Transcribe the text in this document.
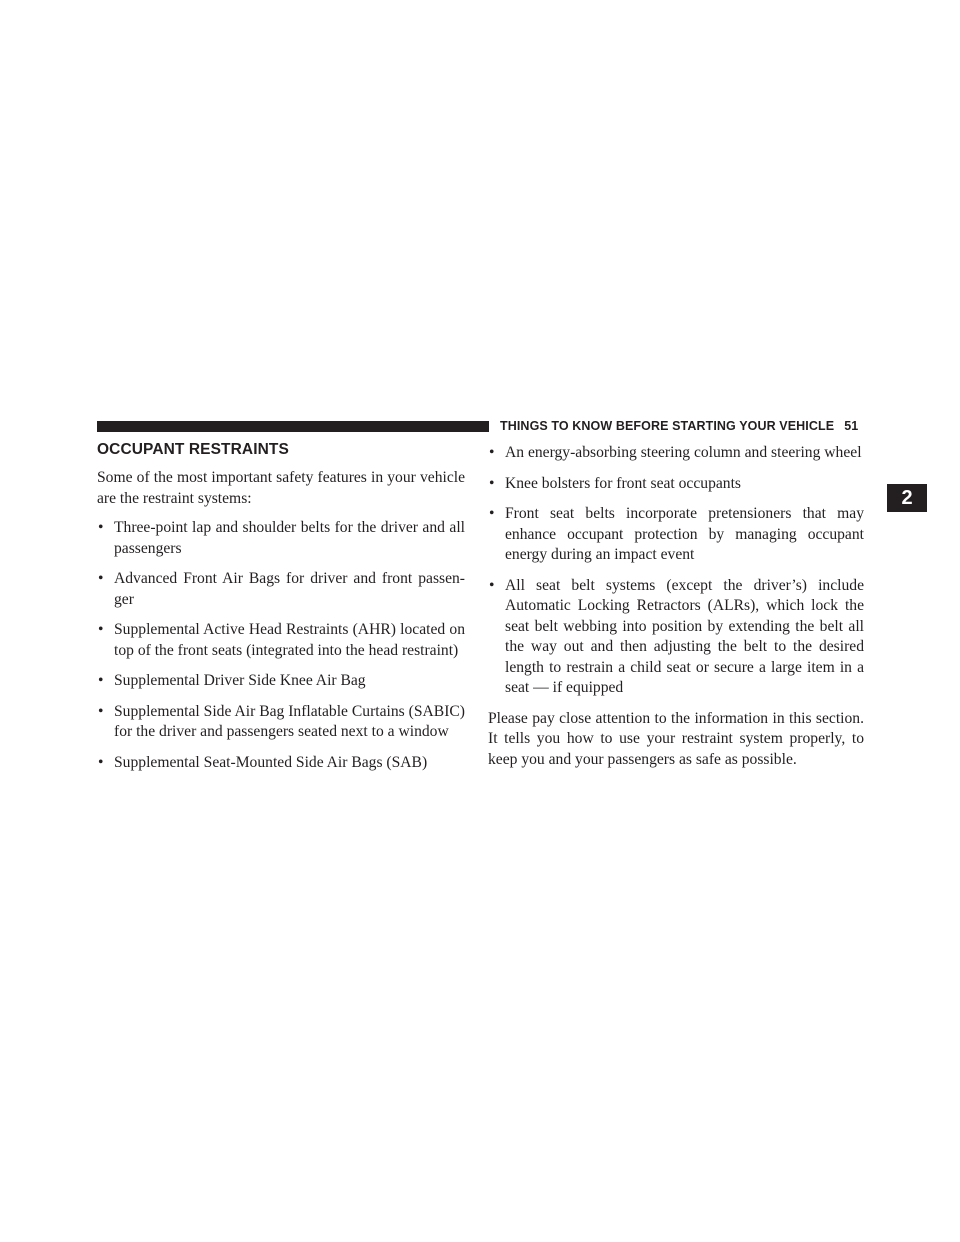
THINGS TO KNOW BEFORE STARTING YOUR VEHICLE 51
2
OCCUPANT RESTRAINTS

Some of the most important safety features in your vehicle are the restraint systems:

• Three-point lap and shoulder belts for the driver and all passengers
• Advanced Front Air Bags for driver and front passen-ger
• Supplemental Active Head Restraints (AHR) located on top of the front seats (integrated into the head restraint)
• Supplemental Driver Side Knee Air Bag
• Supplemental Side Air Bag Inflatable Curtains (SABIC) for the driver and passengers seated next to a window
• Supplemental Seat-Mounted Side Air Bags (SAB)
• An energy-absorbing steering column and steering wheel
• Knee bolsters for front seat occupants
• Front seat belts incorporate pretensioners that may enhance occupant protection by managing occupant energy during an impact event
• All seat belt systems (except the driver’s) include Automatic Locking Retractors (ALRs), which lock the seat belt webbing into position by extending the belt all the way out and then adjusting the belt to the desired length to restrain a child seat or secure a large item in a seat — if equipped

Please pay close attention to the information in this section. It tells you how to use your restraint system properly, to keep you and your passengers as safe as possible.
